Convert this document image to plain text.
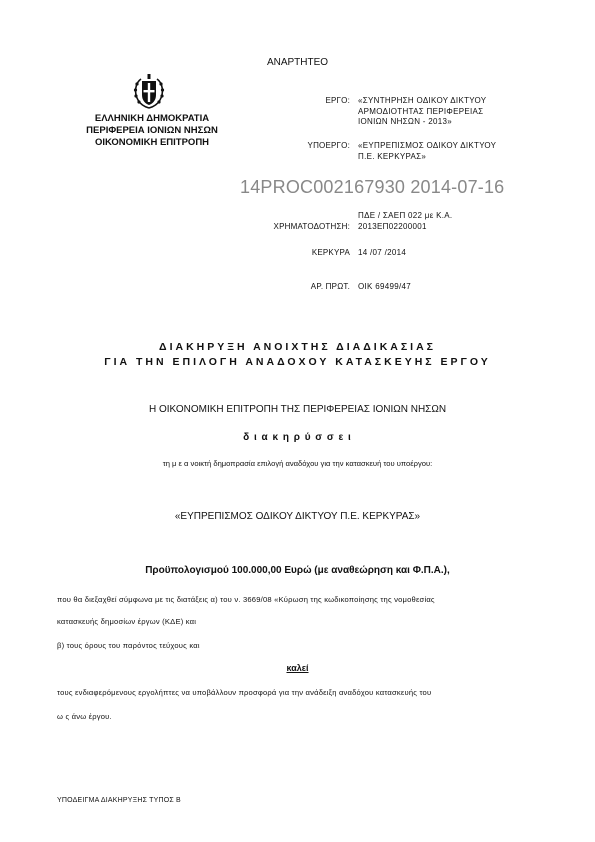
ΑΝΑΡΤΗΤΕΟ
ΕΛΛΗΝΙΚΗ ΔΗΜΟΚΡΑΤΙΑ
ΠΕΡΙΦΕΡΕΙΑ ΙΟΝΙΩΝ ΝΗΣΩΝ
ΟΙΚΟΝΟΜΙΚΗ ΕΠΙΤΡΟΠΗ
ΕΡΓΟ: «ΣΥΝΤΗΡΗΣΗ ΟΔΙΚΟΥ ΔΙΚΤΥΟΥ
ΑΡΜΟΔΙΟΤΗΤΑΣ ΠΕΡΙΦΕΡΕΙΑΣ
ΙΟΝΙΩΝ ΝΗΣΩΝ - 2013»
ΥΠΟΕΡΓΟ: «ΕΥΠΡΕΠΙΣΜΟΣ ΟΔΙΚΟΥ ΔΙΚΤΥΟΥ
Π.Ε. ΚΕΡΚΥΡΑΣ»
14PROC002167930 2014-07-16
ΧΡΗΜΑΤΟΔΟΤΗΣΗ:
ΠΔΕ / ΣΑΕΠ 022 με Κ.Α.
2013ΕΠ02200001
ΚΕΡΚΥΡΑ 14 /07 /2014
ΑΡ. ΠΡΩΤ. ΟΙΚ 69499/47
ΔΙΑΚΗΡΥΞΗ ΑΝΟΙΧΤΗΣ ΔΙΑΔΙΚΑΣΙΑΣ
ΓΙΑ ΤΗΝ ΕΠΙΛΟΓΗ ΑΝΑΔΟΧΟΥ ΚΑΤΑΣΚΕΥΗΣ ΕΡΓΟΥ
Η ΟΙΚΟΝΟΜΙΚΗ ΕΠΙΤΡΟΠΗ ΤΗΣ ΠΕΡΙΦΕΡΕΙΑΣ ΙΟΝΙΩΝ ΝΗΣΩΝ
δ ι α κ η ρ ύ σ σ ε ι
τη μ ε α νοικτή δημοπρασία επιλογή αναδόχου για την κατασκευή του υποέργου:
«ΕΥΠΡΕΠΙΣΜΟΣ ΟΔΙΚΟΥ ΔΙΚΤΥΟΥ Π.Ε. ΚΕΡΚΥΡΑΣ»
Προϋπολογισμού 100.000,00 Ευρώ (με αναθεώρηση και Φ.Π.Α.),
που θα διεξαχθεί σύμφωνα με τις διατάξεις α) του ν. 3669/08 «Κύρωση της κωδικοποίησης της νομοθεσίας
κατασκευής δημοσίων έργων (ΚΔΕ) και
β) τους όρους του παρόντος τεύχους και
καλεί
τους ενδιαφερόμενους εργολήπτες να υποβάλλουν προσφορά για την ανάδειξη αναδόχου κατασκευής του
ω ς άνω έργου.
ΥΠΟΔΕΙΓΜΑ ΔΙΑΚΗΡΥΞΗΣ ΤΥΠΟΣ Β
